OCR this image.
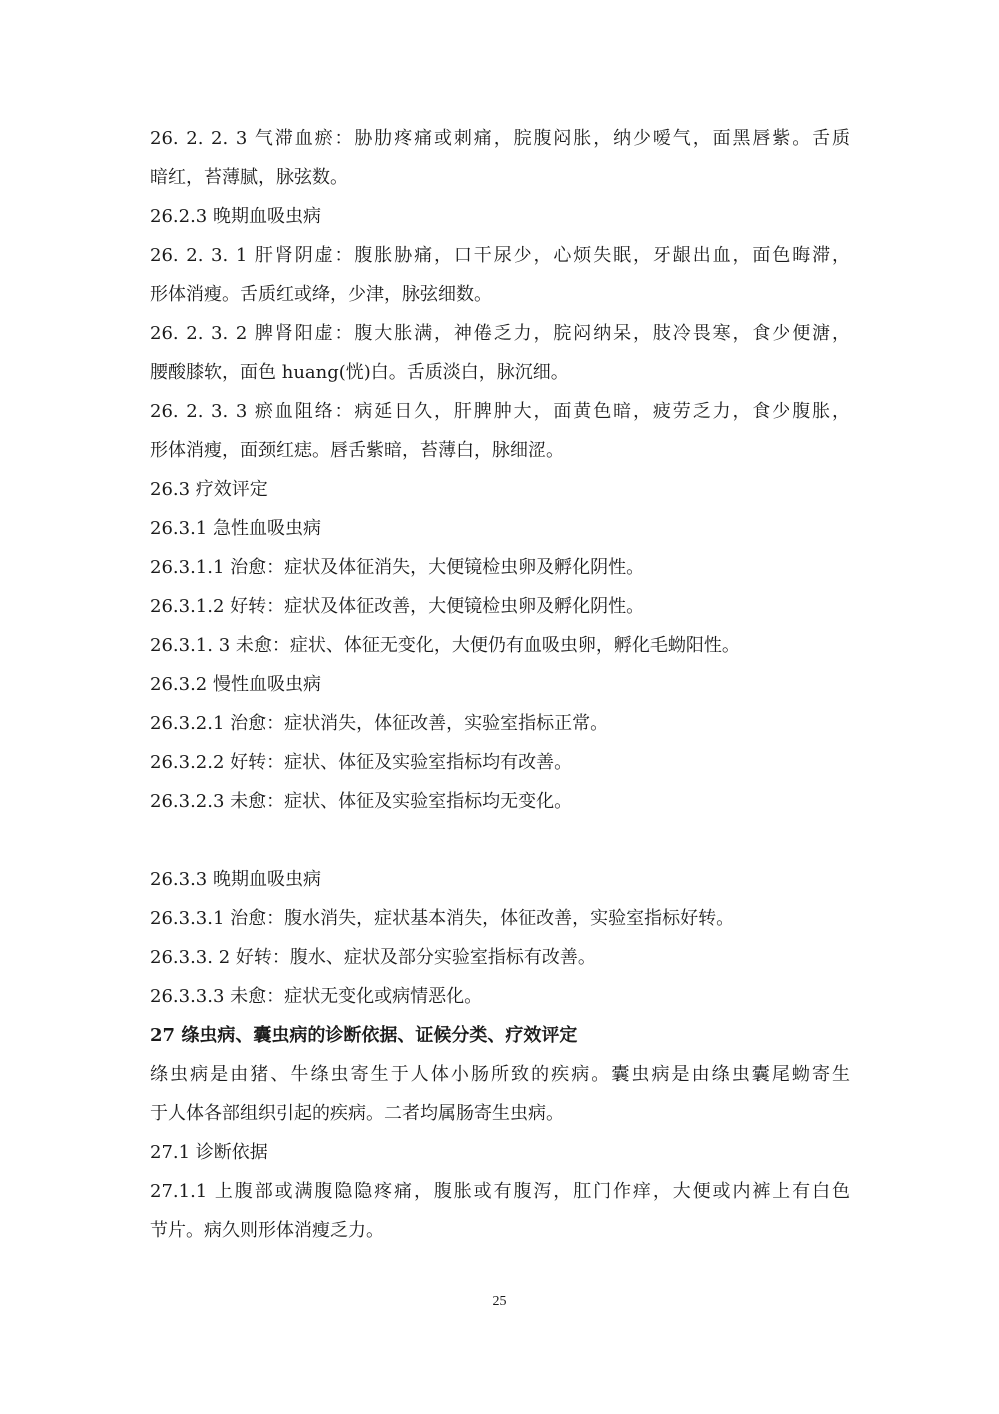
26. 2. 2. 3 气滞血瘀：胁肋疼痛或刺痛，脘腹闷胀，纳少嗳气，面黑唇紫。舌质
暗红，苔薄腻，脉弦数。
26.2.3 晚期血吸虫病
26. 2. 3. 1 肝肾阴虚：腹胀胁痛，口干尿少，心烦失眠，牙龈出血，面色晦滞，
形体消瘦。舌质红或绛，少津，脉弦细数。
26. 2. 3. 2 脾肾阳虚：腹大胀满，神倦乏力，脘闷纳呆，肢冷畏寒，食少便溏，
腰酸膝软，面色 huang(恍)白。舌质淡白，脉沉细。
26. 2. 3. 3 瘀血阻络：病延日久，肝脾肿大，面黄色暗，疲劳乏力，食少腹胀，
形体消瘦，面颈红痣。唇舌紫暗，苔薄白，脉细涩。
26.3 疗效评定
26.3.1 急性血吸虫病
26.3.1.1 治愈：症状及体征消失，大便镜检虫卵及孵化阴性。
26.3.1.2 好转：症状及体征改善，大便镜检虫卵及孵化阴性。
26.3.1. 3 未愈：症状、体征无变化，大便仍有血吸虫卵，孵化毛蚴阳性。
26.3.2 慢性血吸虫病
26.3.2.1 治愈：症状消失，体征改善，实验室指标正常。
26.3.2.2 好转：症状、体征及实验室指标均有改善。
26.3.2.3 未愈：症状、体征及实验室指标均无变化。
26.3.3 晚期血吸虫病
26.3.3.1 治愈：腹水消失，症状基本消失，体征改善，实验室指标好转。
26.3.3. 2 好转：腹水、症状及部分实验室指标有改善。
26.3.3.3 未愈：症状无变化或病情恶化。
27 绦虫病、囊虫病的诊断依据、证候分类、疗效评定
绦虫病是由猪、牛绦虫寄生于人体小肠所致的疾病。囊虫病是由绦虫囊尾蚴寄生
于人体各部组织引起的疾病。二者均属肠寄生虫病。
27.1 诊断依据
27.1.1 上腹部或满腹隐隐疼痛，腹胀或有腹泻，肛门作痒，大便或内裤上有白色
节片。病久则形体消瘦乏力。
25
